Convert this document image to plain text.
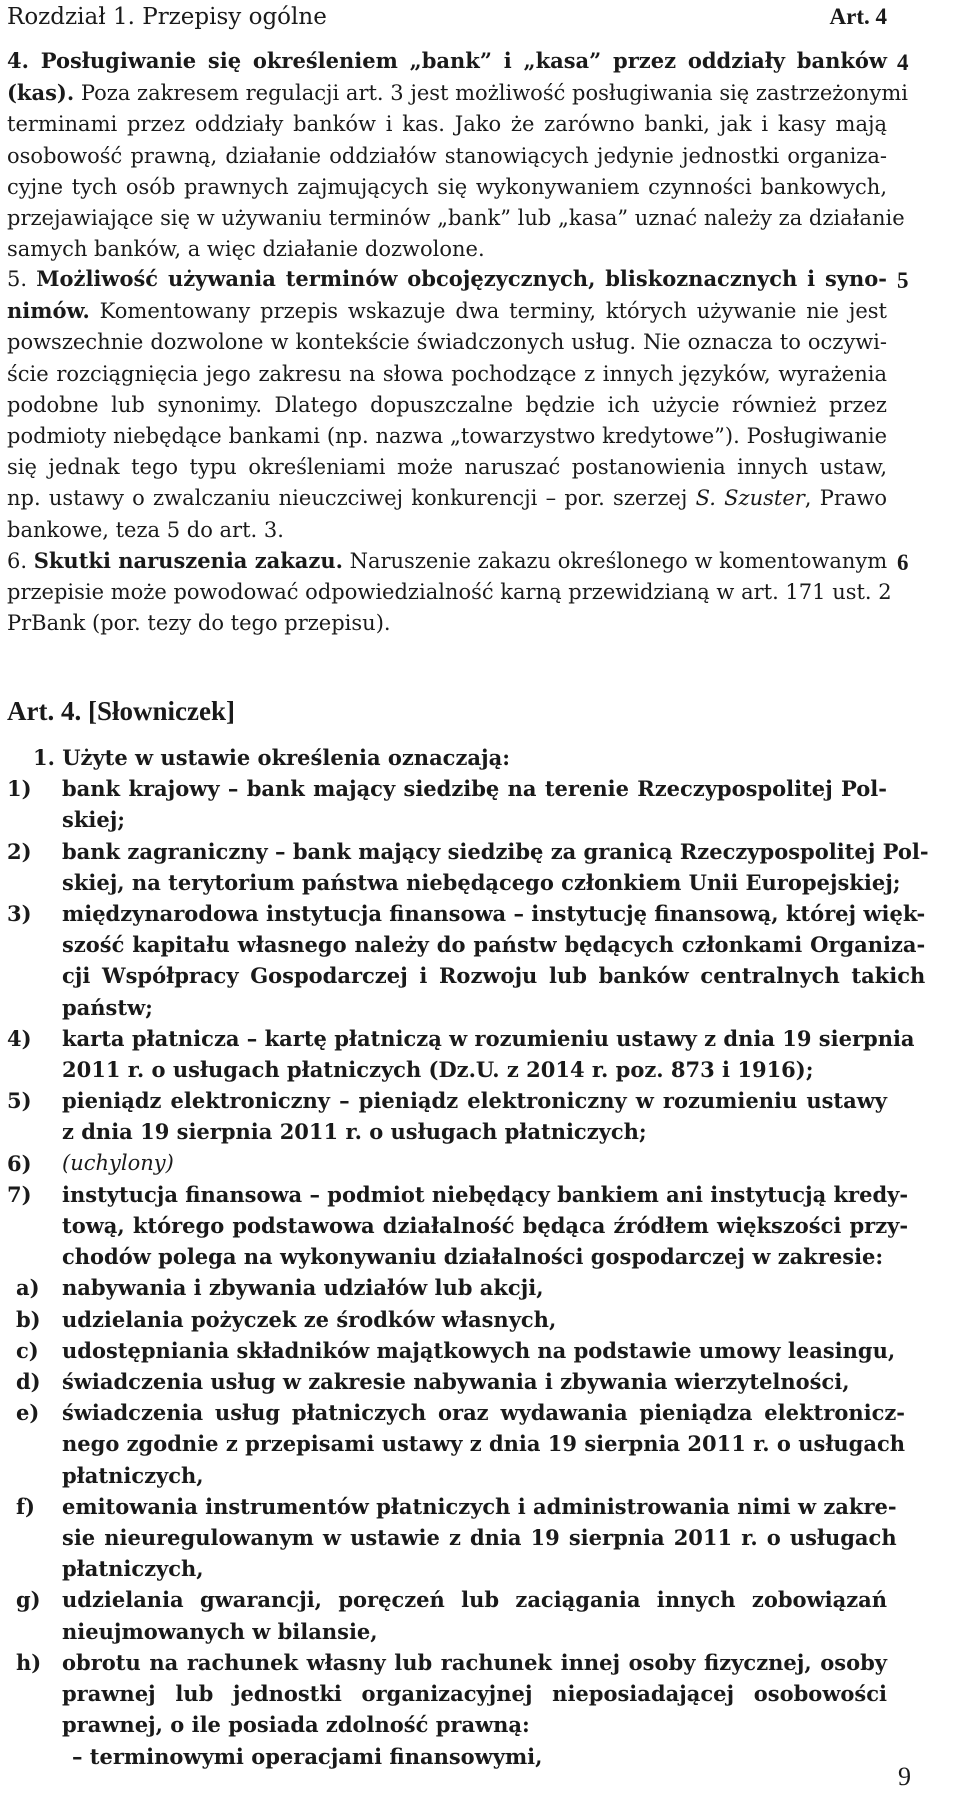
Rozdział 1. Przepisy ogólne	Art. 4
4. Posługiwanie się określeniem „bank” i „kasa” przez oddziały banków
(kas). Poza zakresem regulacji art. 3 jest możliwość posługiwania się zastrzeżonymi
terminami przez oddziały banków i kas. Jako że zarówno banki, jak i kasy mają
osobowość prawną, działanie oddziałów stanowiących jedynie jednostki organiza-
cyjne tych osób prawnych zajmujących się wykonywaniem czynności bankowych,
przejawiające się w używaniu terminów „bank” lub „kasa” uznać należy za działanie
samych banków, a więc działanie dozwolone.
4
5. Możliwość używania terminów obcojęzycznych, bliskoznacznych i syno-
nimów. Komentowany przepis wskazuje dwa terminy, których używanie nie jest
powszechnie dozwolone w kontekście świadczonych usług. Nie oznacza to oczywi-
ście rozciągnięcia jego zakresu na słowa pochodzące z innych języków, wyrażenia
podobne lub synonimy. Dlatego dopuszczalne będzie ich użycie również przez
podmioty niebędące bankami (np. nazwa „towarzystwo kredytowe”). Posługiwanie
się jednak tego typu określeniami może naruszać postanowienia innych ustaw,
np. ustawy o zwalczaniu nieuczciwej konkurencji – por. szerzej S. Szuster, Prawo
bankowe, teza 5 do art. 3.
5
6. Skutki naruszenia zakazu. Naruszenie zakazu określonego w komentowanym
przepisie może powodować odpowiedzialność karną przewidzianą w art. 171 ust. 2
PrBank (por. tezy do tego przepisu).
6
Art. 4. [Słowniczek]
1. Użyte w ustawie określenia oznaczają:
1)	bank krajowy – bank mający siedzibę na terenie Rzeczypospolitej Pol-
skiej;
2)	bank zagraniczny – bank mający siedzibę za granicą Rzeczypospolitej Pol-
skiej, na terytorium państwa niebędącego członkiem Unii Europejskiej;
3)	międzynarodowa instytucja finansowa – instytucję finansową, której więk-
szość kapitału własnego należy do państw będących członkami Organiza-
cji Współpracy Gospodarczej i Rozwoju lub banków centralnych takich
państw;
4)	karta płatnicza – kartę płatniczą w rozumieniu ustawy z dnia 19 sierpnia
2011 r. o usługach płatniczych (Dz.U. z 2014 r. poz. 873 i 1916);
5)	pieniądz elektroniczny – pieniądz elektroniczny w rozumieniu ustawy
z dnia 19 sierpnia 2011 r. o usługach płatniczych;
6)	(uchylony)
7)	instytucja finansowa – podmiot niebędący bankiem ani instytucją kredy-
tową, którego podstawowa działalność będąca źródłem większości przy-
chodów polega na wykonywaniu działalności gospodarczej w zakresie:
a)	nabywania i zbywania udziałów lub akcji,
b)	udzielania pożyczek ze środków własnych,
c)	udostępniania składników majątkowych na podstawie umowy leasingu,
d)	świadczenia usług w zakresie nabywania i zbywania wierzytelności,
e)	świadczenia usług płatniczych oraz wydawania pieniądza elektronicz-
nego zgodnie z przepisami ustawy z dnia 19 sierpnia 2011 r. o usługach
płatniczych,
f)	emitowania instrumentów płatniczych i administrowania nimi w zakre-
sie nieuregulowanym w ustawie z dnia 19 sierpnia 2011 r. o usługach
płatniczych,
g)	udzielania gwarancji, poręczeń lub zaciągania innych zobowiązań
nieujmowanych w bilansie,
h) obrotu na rachunek własny lub rachunek innej osoby fizycznej, osoby
prawnej lub jednostki organizacyjnej nieposiadającej osobowości
prawnej, o ile posiada zdolność prawną:
– terminowymi operacjami finansowymi,
9
